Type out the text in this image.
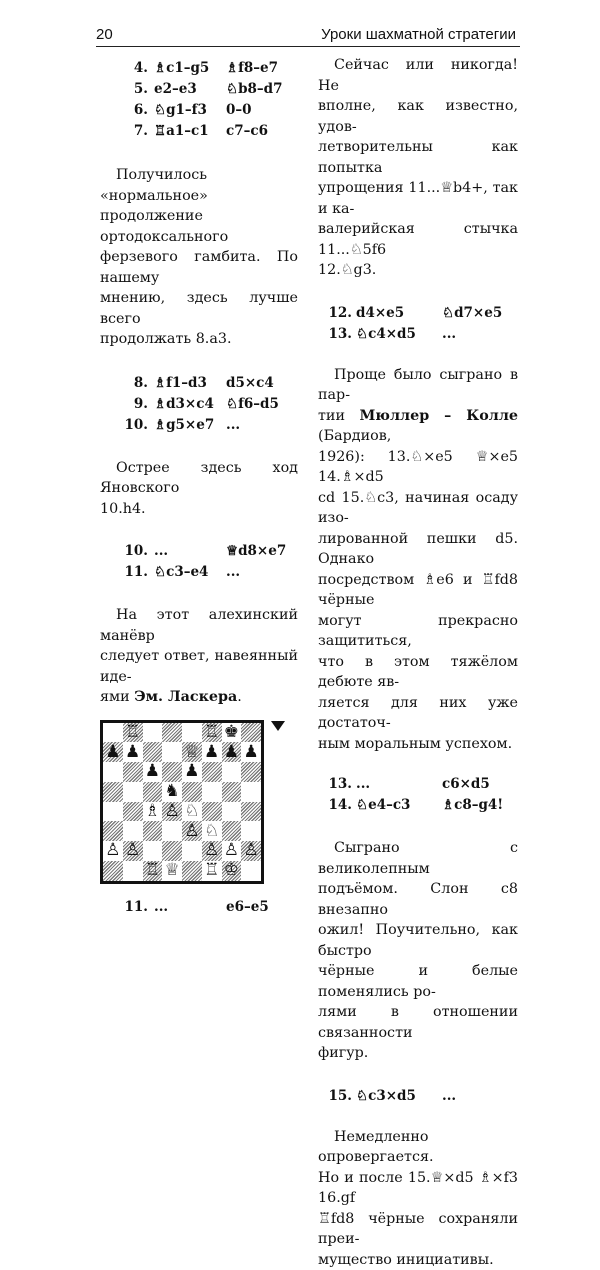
20	Уроки шахматной стратегии
4. ♗c1–g5 ♗f8–e7
5. e2–e3 ♘b8–d7
6. ♘g1–f3 0–0
7. ♖a1–c1 c7–c6
Получилось «нормальное»
продолжение ортодоксального
ферзевого гамбита. По нашему
мнению, здесь лучше всего
продолжать 8.a3.
8. ♗f1–d3 d5×c4
9. ♗d3×c4 ♘f6–d5
10. ♗g5×e7 ...
Острее здесь ход Яновского
10.h4.
10. ...	♕d8×e7
11. ♘c3–e4 ...
На этот алехинский манёвр
следует ответ, навеянный иде-
ями Эм. Ласкера.
♖	♖ ♚
♟ ♟	♕ ♟ ♟ ♟
♟ ♟
♞
♗ ♙ ♘
♙ ♘
♙ ♙	♙ ♙ ♙
♖ ♕ ♖ ♔
11. ...	e6–e5
Сейчас или никогда! Не
вполне, как известно, удов-
летворительны как попытка
упрощения 11...♕b4+, так и ка-
валерийская стычка 11...♘5f6
12.♘g3.
12. d4×e5	♘d7×e5
13. ♘c4×d5 ...
Проще было сыграно в пар-
тии Мюллер – Колле (Бардиов,
1926): 13.♘×e5 ♕×e5 14.♗×d5
cd 15.♘c3, начиная осаду изо-
лированной пешки d5. Однако
посредством ♗e6 и ♖fd8 чёрные
могут прекрасно защититься,
что в этом тяжёлом дебюте яв-
ляется для них уже достаточ-
ным моральным успехом.
13. ...	c6×d5
14. ♘e4–c3 ♗c8–g4!
Сыграно с великолепным
подъёмом. Слон c8 внезапно
ожил! Поучительно, как быстро
чёрные и белые поменялись ро-
лями в отношении связанности
фигур.
15. ♘c3×d5 ...
Немедленно опровергается.
Но и после 15.♕×d5 ♗×f3 16.gf
♖fd8 чёрные сохраняли преи-
мущество инициативы.
